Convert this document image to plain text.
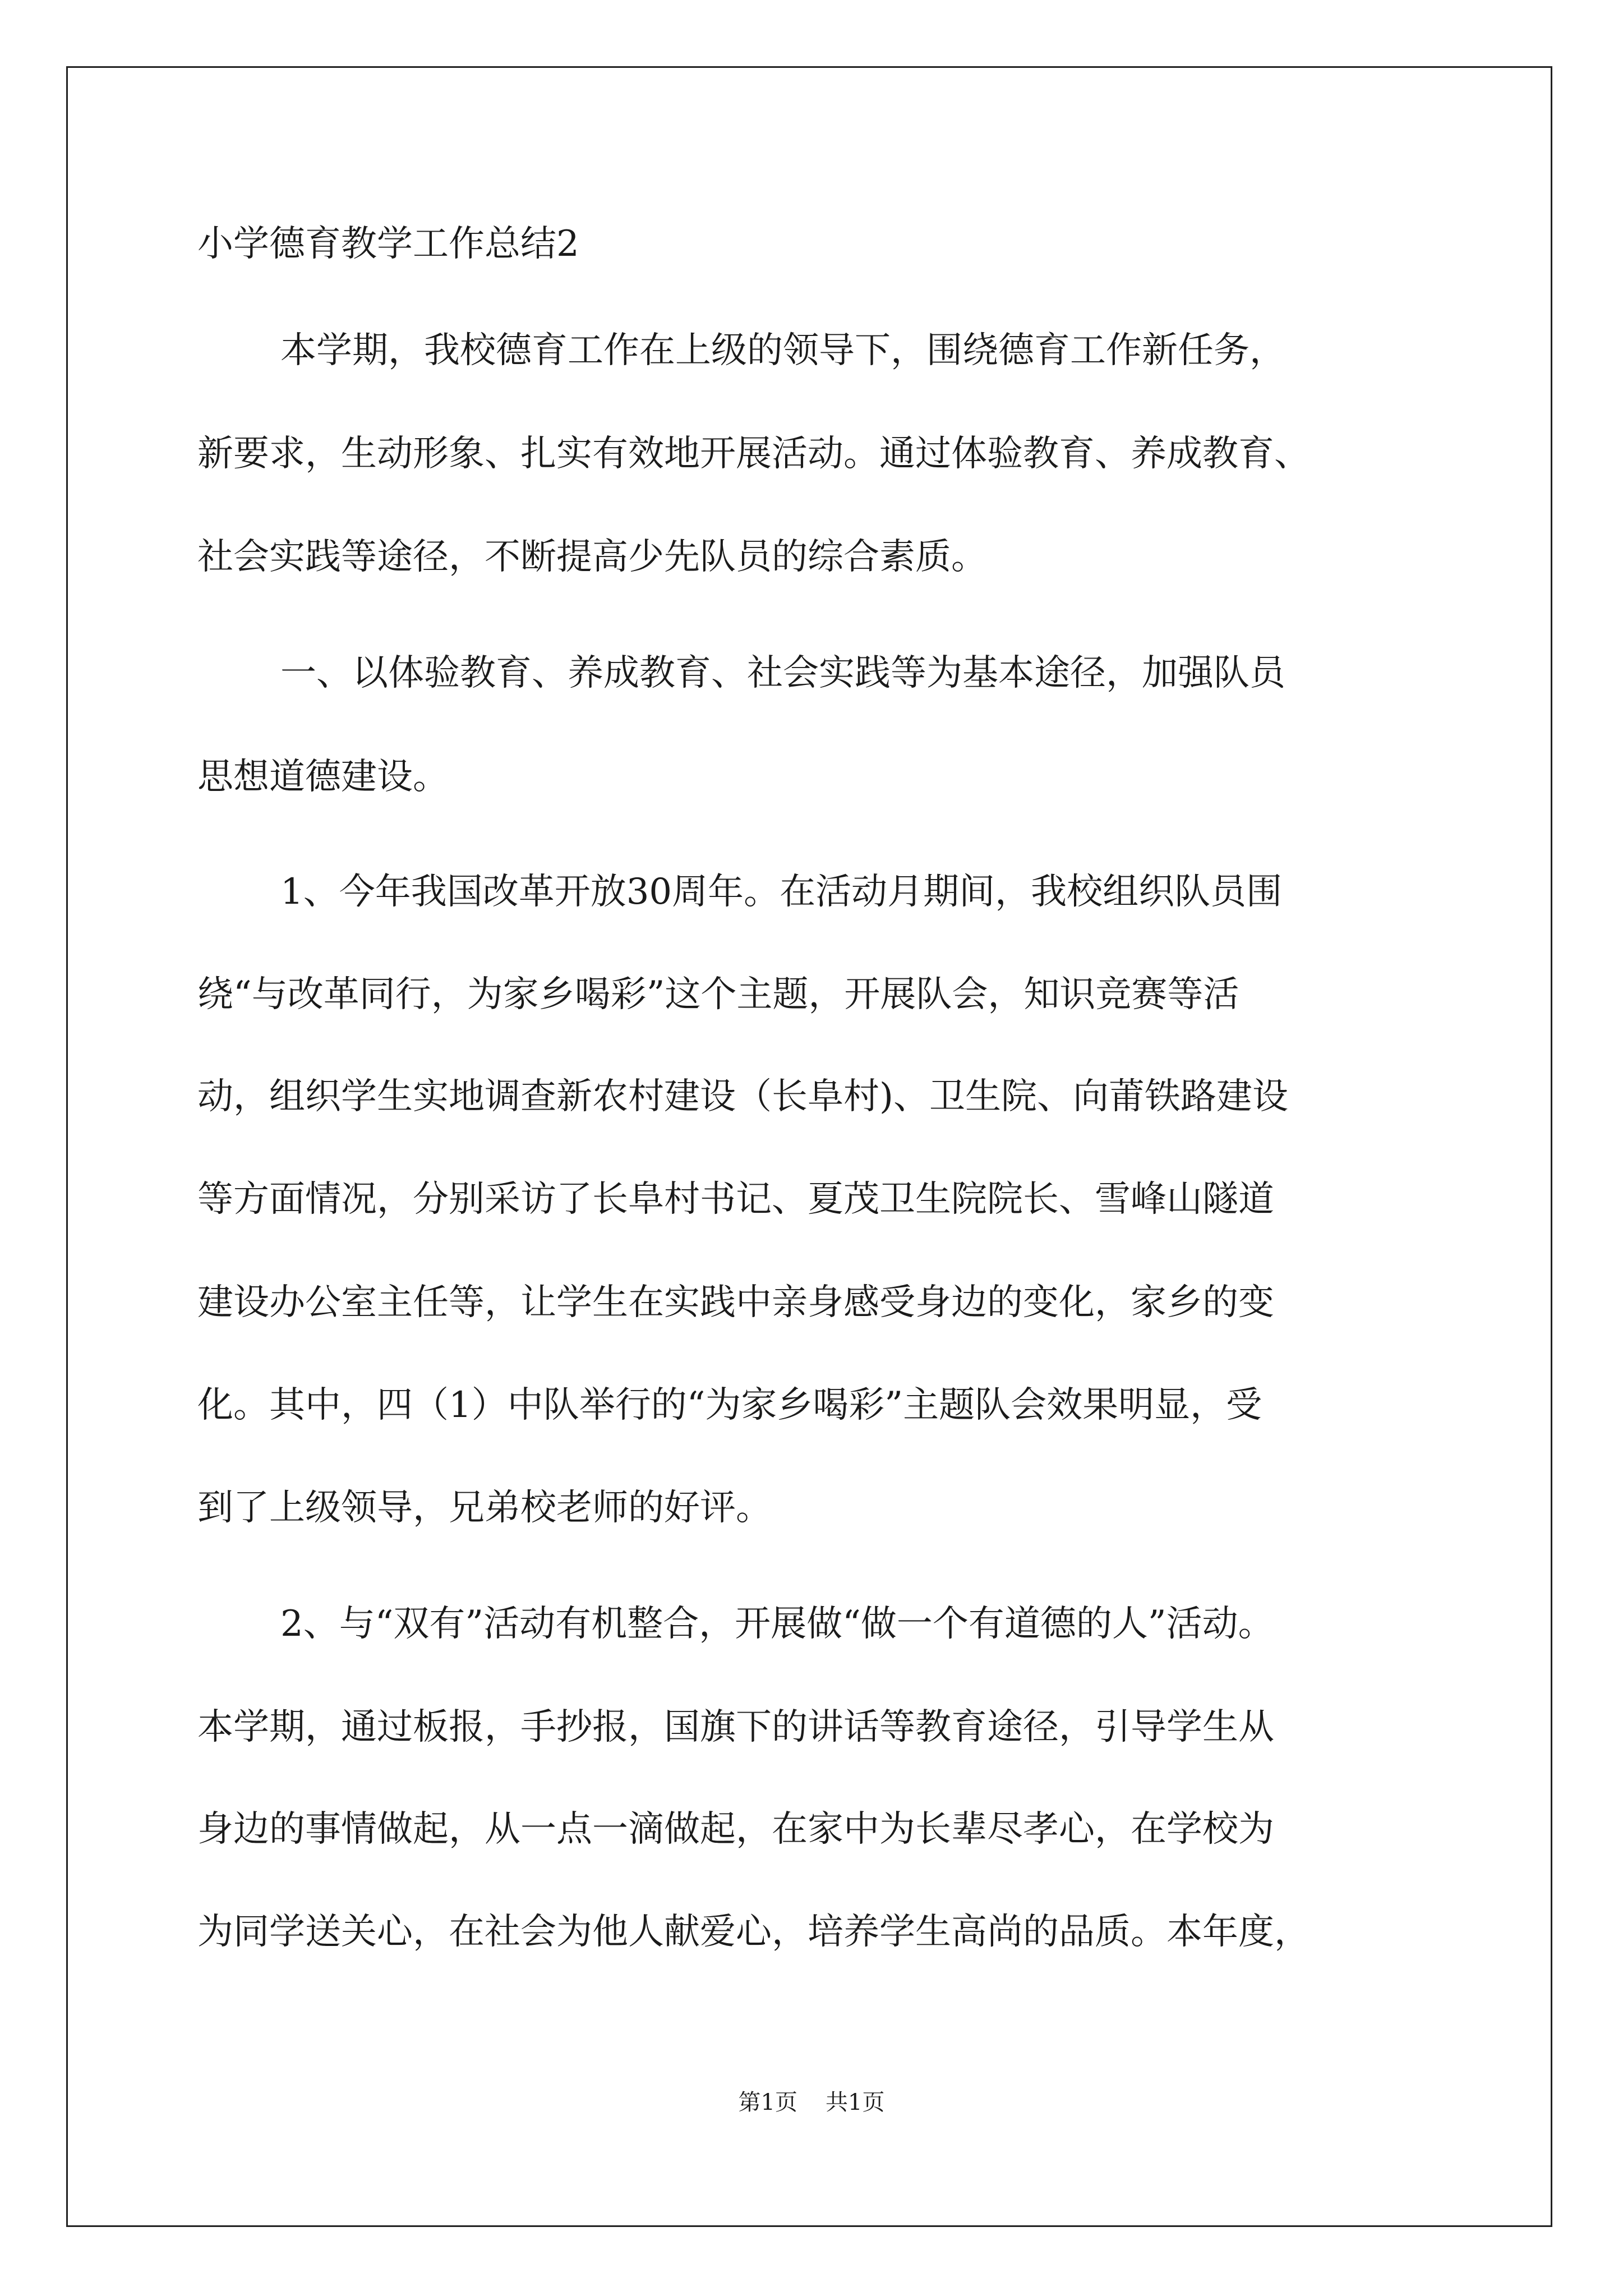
小学德育教学工作总结2
本学期，我校德育工作在上级的领导下，围绕德育工作新任务，
新要求，生动形象、扎实有效地开展活动。通过体验教育、养成教育、
社会实践等途径，不断提高少先队员的综合素质。
一、以体验教育、养成教育、社会实践等为基本途径，加强队员
思想道德建设。
1、今年我国改革开放30周年。在活动月期间，我校组织队员围
绕“与改革同行，为家乡喝彩”这个主题，开展队会，知识竞赛等活
动，组织学生实地调查新农村建设（长阜村)、卫生院、向莆铁路建设
等方面情况，分别采访了长阜村书记、夏茂卫生院院长、雪峰山隧道
建设办公室主任等，让学生在实践中亲身感受身边的变化，家乡的变
化。其中，四（1）中队举行的“为家乡喝彩”主题队会效果明显，受
到了上级领导，兄弟校老师的好评。
2、与“双有”活动有机整合，开展做“做一个有道德的人”活动。
本学期，通过板报，手抄报，国旗下的讲话等教育途径，引导学生从
身边的事情做起，从一点一滴做起，在家中为长辈尽孝心，在学校为
为同学送关心，在社会为他人献爱心，培养学生高尚的品质。本年度，
第1页 共1页
